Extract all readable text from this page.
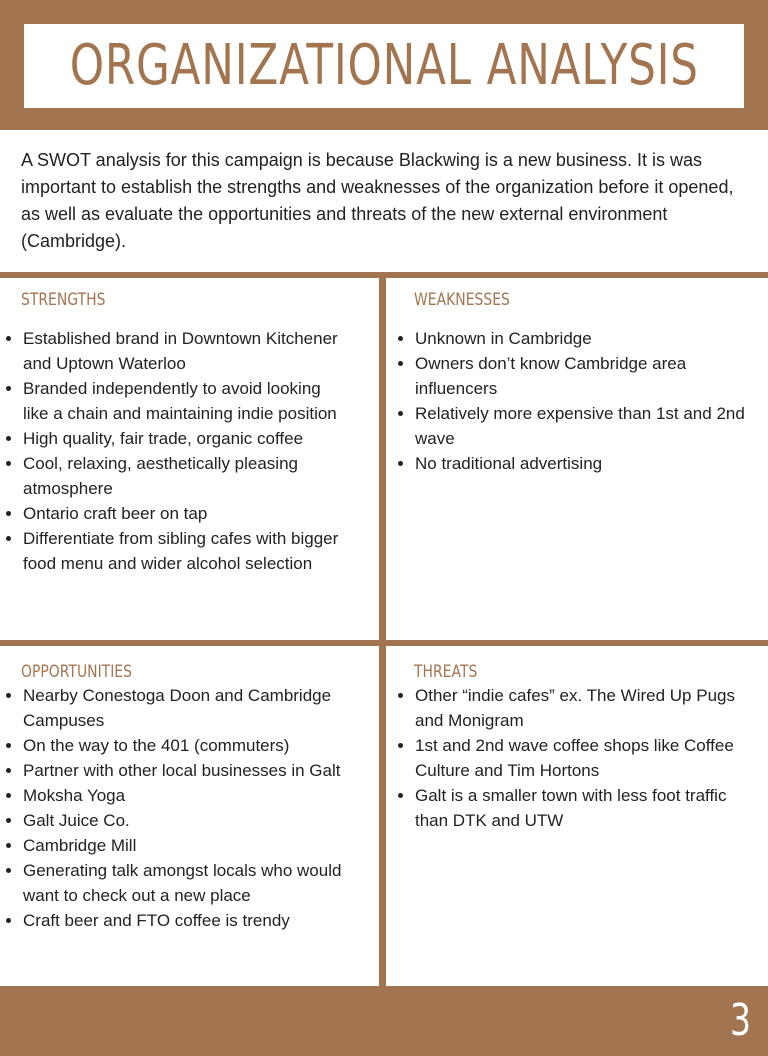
ORGANIZATIONAL ANALYSIS
A SWOT analysis for this campaign is because Blackwing is a new business. It is was important to establish the strengths and weaknesses of the organization before it opened, as well as evaluate the opportunities and threats of the new external environment (Cambridge).
STRENGTHS
• Established brand in Downtown Kitchener and Uptown Waterloo
• Branded independently to avoid looking like a chain and maintaining indie position
• High quality, fair trade, organic coffee
• Cool, relaxing, aesthetically pleasing atmosphere
• Ontario craft beer on tap
• Differentiate from sibling cafes with bigger food menu and wider alcohol selection
WEAKNESSES
• Unknown in Cambridge
• Owners don’t know Cambridge area influencers
• Relatively more expensive than 1st and 2nd wave
• No traditional advertising
OPPORTUNITIES
• Nearby Conestoga Doon and Cambridge Campuses
• On the way to the 401 (commuters)
• Partner with other local businesses in Galt
• Moksha Yoga
• Galt Juice Co.
• Cambridge Mill
• Generating talk amongst locals who would want to check out a new place
• Craft beer and FTO coffee is trendy
THREATS
• Other “indie cafes” ex. The Wired Up Pugs and Monigram
• 1st and 2nd wave coffee shops like Coffee Culture and Tim Hortons
• Galt is a smaller town with less foot traffic than DTK and UTW
3
